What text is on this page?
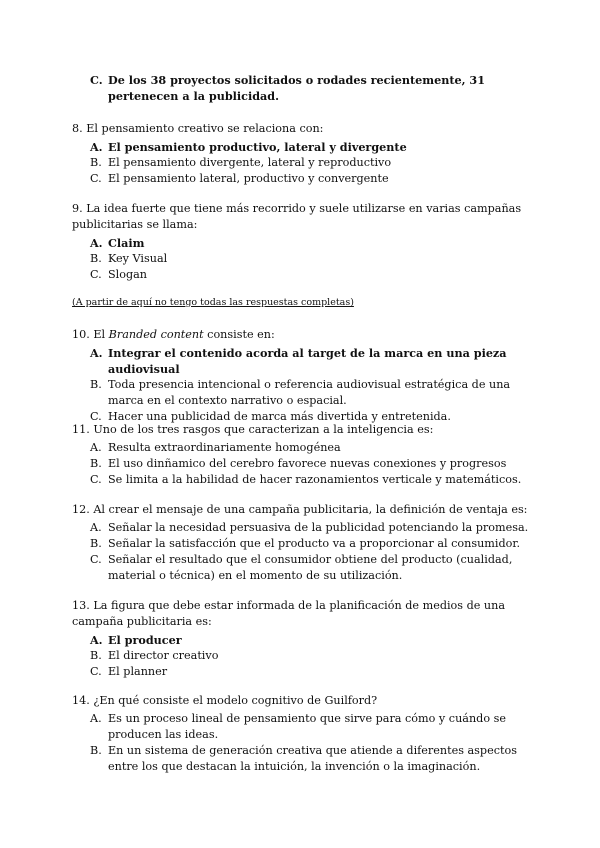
C. De los 38 proyectos solicitados o rodades recientemente, 31 pertenecen a la publicidad.

8. El pensamiento creativo se relaciona con:

A. El pensamiento productivo, lateral y divergente
B. El pensamiento divergente, lateral y reproductivo
C. El pensamiento lateral, productivo y convergente

9. La idea fuerte que tiene más recorrido y suele utilizarse en varias campañas publicitarias se llama:

A. Claim
B. Key Visual
C. Slogan
(A partir de aquí no tengo todas las respuestas completas)

10. El Branded content consiste en:

A. Integrar el contenido acorda al target de la marca en una pieza audiovisual
B. Toda presencia intencional o referencia audiovisual estratégica de una marca en el contexto narrativo o espacial.
C. Hacer una publicidad de marca más divertida y entretenida.

11. Uno de los tres rasgos que caracterizan a la inteligencia es:

A. Resulta extraordinariamente homogénea
B. El uso dinñamico del cerebro favorece nuevas conexiones y progresos
C. Se limita a la habilidad de hacer razonamientos verticale y matemáticos.

12. Al crear el mensaje de una campaña publicitaria, la definición de ventaja es:

A. Señalar la necesidad persuasiva de la publicidad potenciando la promesa.
B. Señalar la satisfacción que el producto va a proporcionar al consumidor.
C. Señalar el resultado que el consumidor obtiene del producto (cualidad, material o técnica) en el momento de su utilización.

13. La figura que debe estar informada de la planificación de medios de una campaña publicitaria es:

A. El producer
B. El director creativo
C. El planner

14. ¿En qué consiste el modelo cognitivo de Guilford?

A. Es un proceso lineal de pensamiento que sirve para cómo y cuándo se producen las ideas.
B. En un sistema de generación creativa que atiende a diferentes aspectos entre los que destacan la intuición, la invención o la imaginación.
